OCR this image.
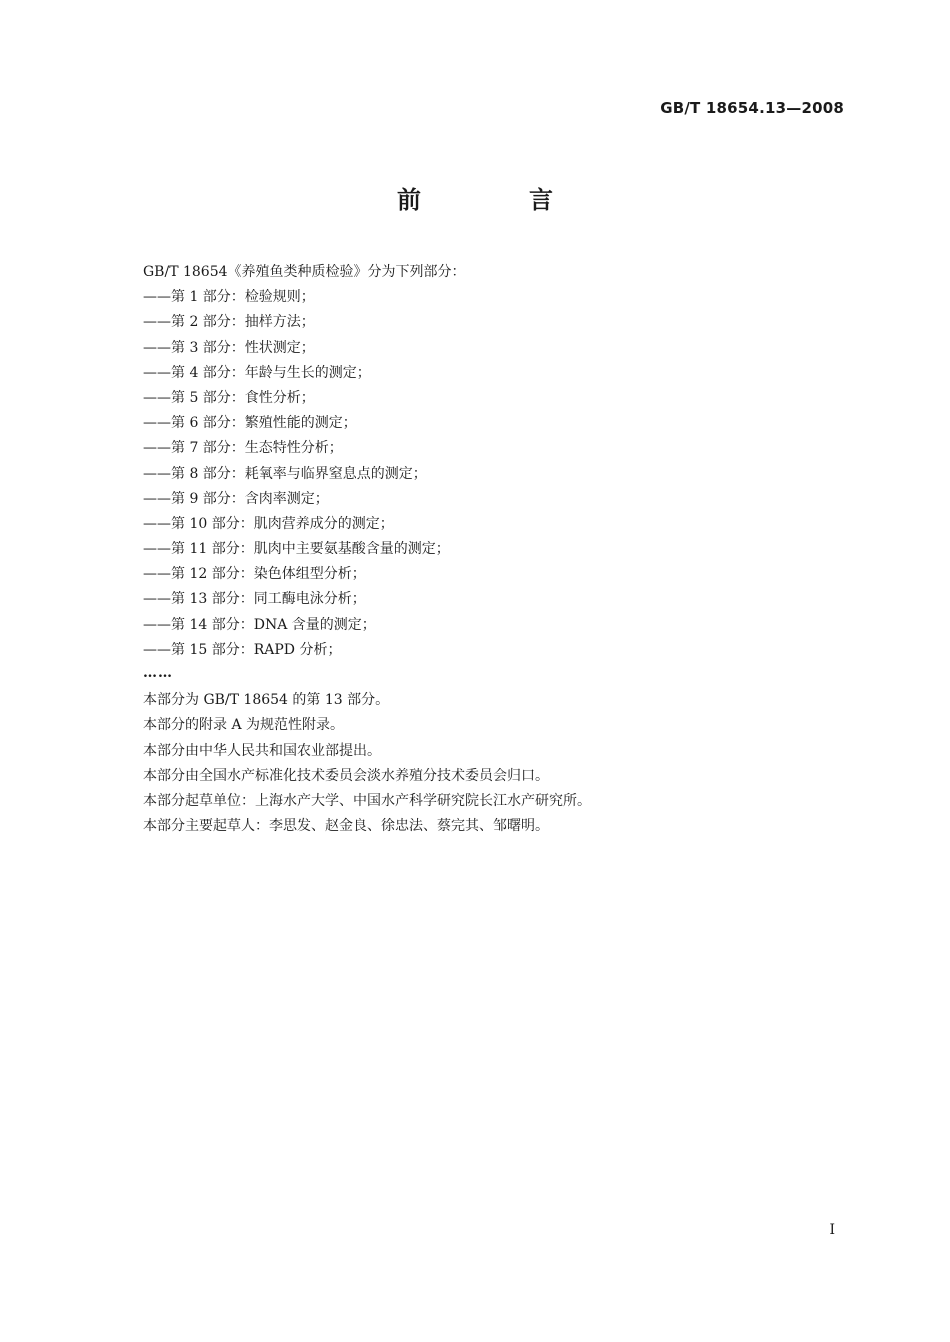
GB/T 18654.13—2008
前　言
GB/T 18654《养殖鱼类种质检验》分为下列部分：
——第 1 部分：检验规则；
——第 2 部分：抽样方法；
——第 3 部分：性状测定；
——第 4 部分：年龄与生长的测定；
——第 5 部分：食性分析；
——第 6 部分：繁殖性能的测定；
——第 7 部分：生态特性分析；
——第 8 部分：耗氧率与临界窒息点的测定；
——第 9 部分：含肉率测定；
——第 10 部分：肌肉营养成分的测定；
——第 11 部分：肌肉中主要氨基酸含量的测定；
——第 12 部分：染色体组型分析；
——第 13 部分：同工酶电泳分析；
——第 14 部分：DNA 含量的测定；
——第 15 部分：RAPD 分析；
……
本部分为 GB/T 18654 的第 13 部分。
本部分的附录 A 为规范性附录。
本部分由中华人民共和国农业部提出。
本部分由全国水产标准化技术委员会淡水养殖分技术委员会归口。
本部分起草单位：上海水产大学、中国水产科学研究院长江水产研究所。
本部分主要起草人：李思发、赵金良、徐忠法、蔡完其、邹曙明。
I
